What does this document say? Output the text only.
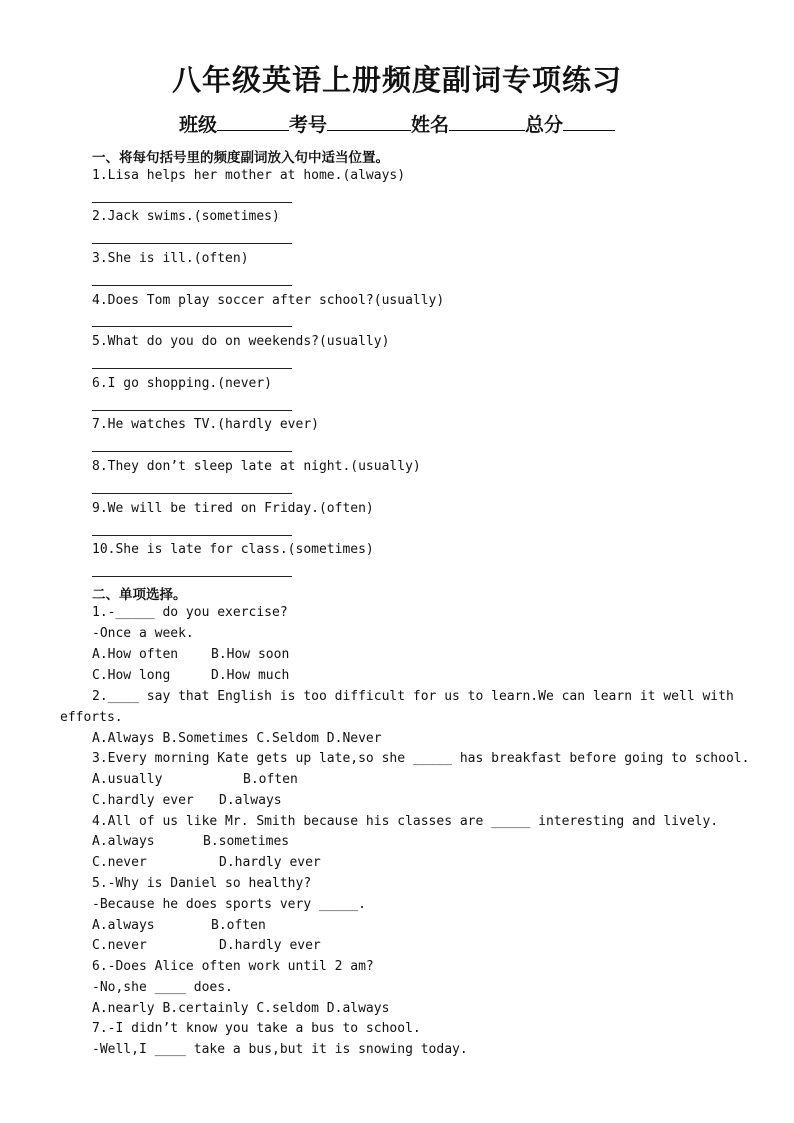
八年级英语上册频度副词专项练习
班级	考号	姓名	总分
一、将每句括号里的频度副词放入句中适当位置。
1.Lisa helps her mother at home.(always)
2.Jack swims.(sometimes)
3.She is ill.(often)
4.Does Tom play soccer after school?(usually)
5.What do you do on weekends?(usually)
6.I go shopping.(never)
7.He watches TV.(hardly ever)
8.They don’t sleep late at night.(usually)
9.We will be tired on Friday.(often)
10.She is late for class.(sometimes)
二、单项选择。
1.-_____ do you exercise?
-Once a week.
A.How often	B.How soon
C.How long	D.How much
2.____ say that English is too difficult for us to learn.We can learn it well with
efforts.
A.Always B.Sometimes C.Seldom D.Never
3.Every morning Kate gets up late,so she _____ has breakfast before going to school.
A.usually	B.often
C.hardly ever D.always
4.All of us like Mr. Smith because his classes are _____ interesting and lively.
A.always	B.sometimes
C.never	D.hardly ever
5.-Why is Daniel so healthy?
-Because he does sports very _____.
A.always	B.often
C.never	D.hardly ever
6.-Does Alice often work until 2 am?
-No,she ____ does.
A.nearly B.certainly C.seldom D.always
7.-I didn’t know you take a bus to school.
-Well,I ____ take a bus,but it is snowing today.
